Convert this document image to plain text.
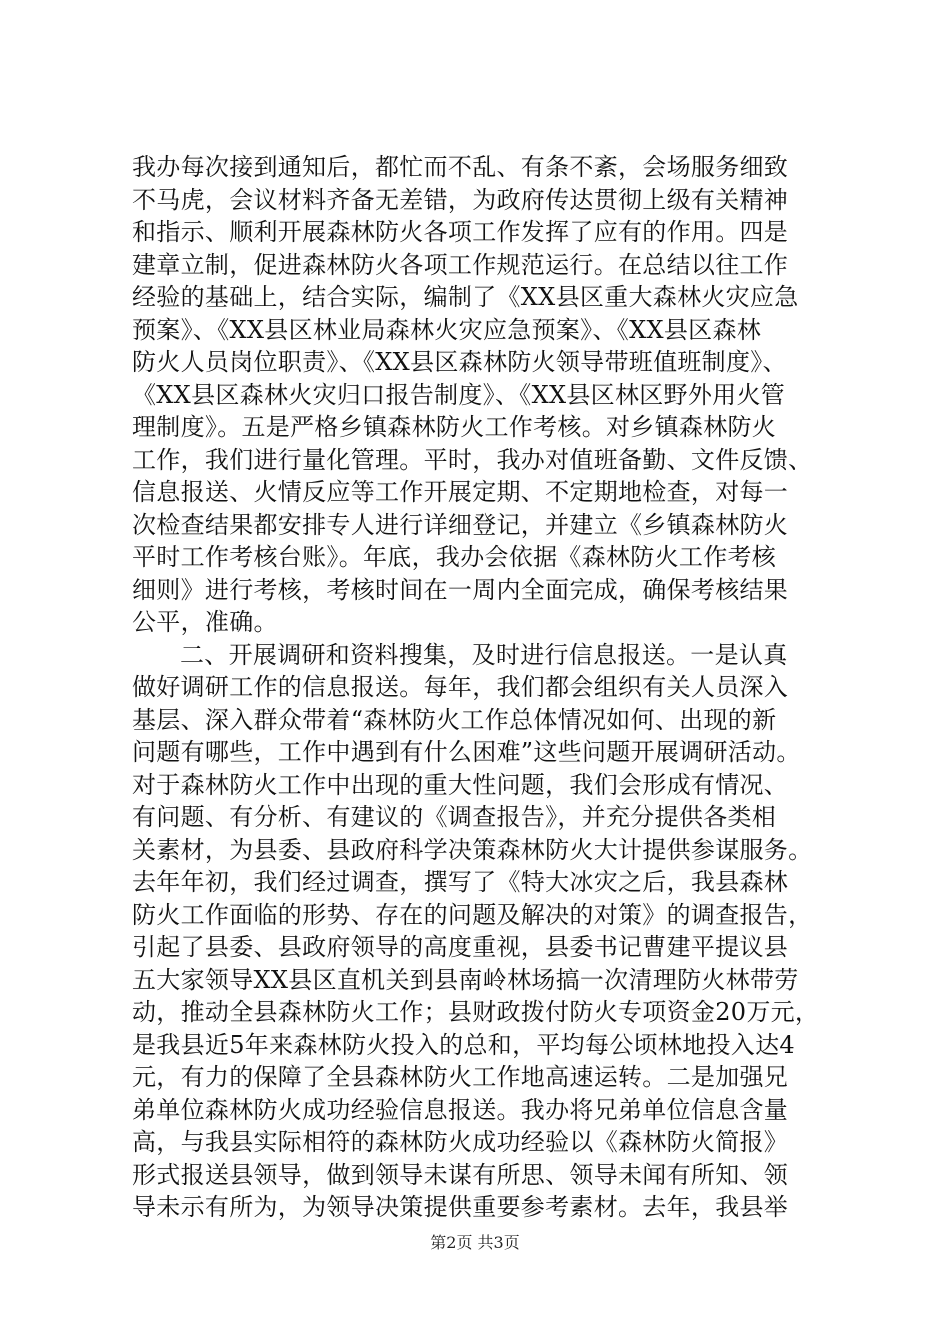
我办每次接到通知后，都忙而不乱、有条不紊，会场服务细致
不马虎，会议材料齐备无差错，为政府传达贯彻上级有关精神
和指示、顺利开展森林防火各项工作发挥了应有的作用。四是
建章立制，促进森林防火各项工作规范运行。在总结以往工作
经验的基础上，结合实际，编制了《XX县区重大森林火灾应急
预案》、《XX县区林业局森林火灾应急预案》、《XX县区森林
防火人员岗位职责》、《XX县区森林防火领导带班值班制度》、
《XX县区森林火灾归口报告制度》、《XX县区林区野外用火管
理制度》。五是严格乡镇森林防火工作考核。对乡镇森林防火
工作，我们进行量化管理。平时，我办对值班备勤、文件反馈、
信息报送、火情反应等工作开展定期、不定期地检查，对每一
次检查结果都安排专人进行详细登记，并建立《乡镇森林防火
平时工作考核台账》。年底，我办会依据《森林防火工作考核
细则》进行考核，考核时间在一周内全面完成，确保考核结果
公平，准确。
二、开展调研和资料搜集，及时进行信息报送。一是认真
做好调研工作的信息报送。每年，我们都会组织有关人员深入
基层、深入群众带着“森林防火工作总体情况如何、出现的新
问题有哪些，工作中遇到有什么困难”这些问题开展调研活动。
对于森林防火工作中出现的重大性问题，我们会形成有情况、
有问题、有分析、有建议的《调查报告》，并充分提供各类相
关素材，为县委、县政府科学决策森林防火大计提供参谋服务。
去年年初，我们经过调查，撰写了《特大冰灾之后，我县森林
防火工作面临的形势、存在的问题及解决的对策》的调查报告，
引起了县委、县政府领导的高度重视，县委书记曹建平提议县
五大家领导XX县区直机关到县南岭林场搞一次清理防火林带劳
动，推动全县森林防火工作；县财政拨付防火专项资金20万元，
是我县近5年来森林防火投入的总和，平均每公顷林地投入达4
元，有力的保障了全县森林防火工作地高速运转。二是加强兄
弟单位森林防火成功经验信息报送。我办将兄弟单位信息含量
高，与我县实际相符的森林防火成功经验以《森林防火简报》
形式报送县领导，做到领导未谋有所思、领导未闻有所知、领
导未示有所为，为领导决策提供重要参考素材。去年，我县举
第2页 共3页
